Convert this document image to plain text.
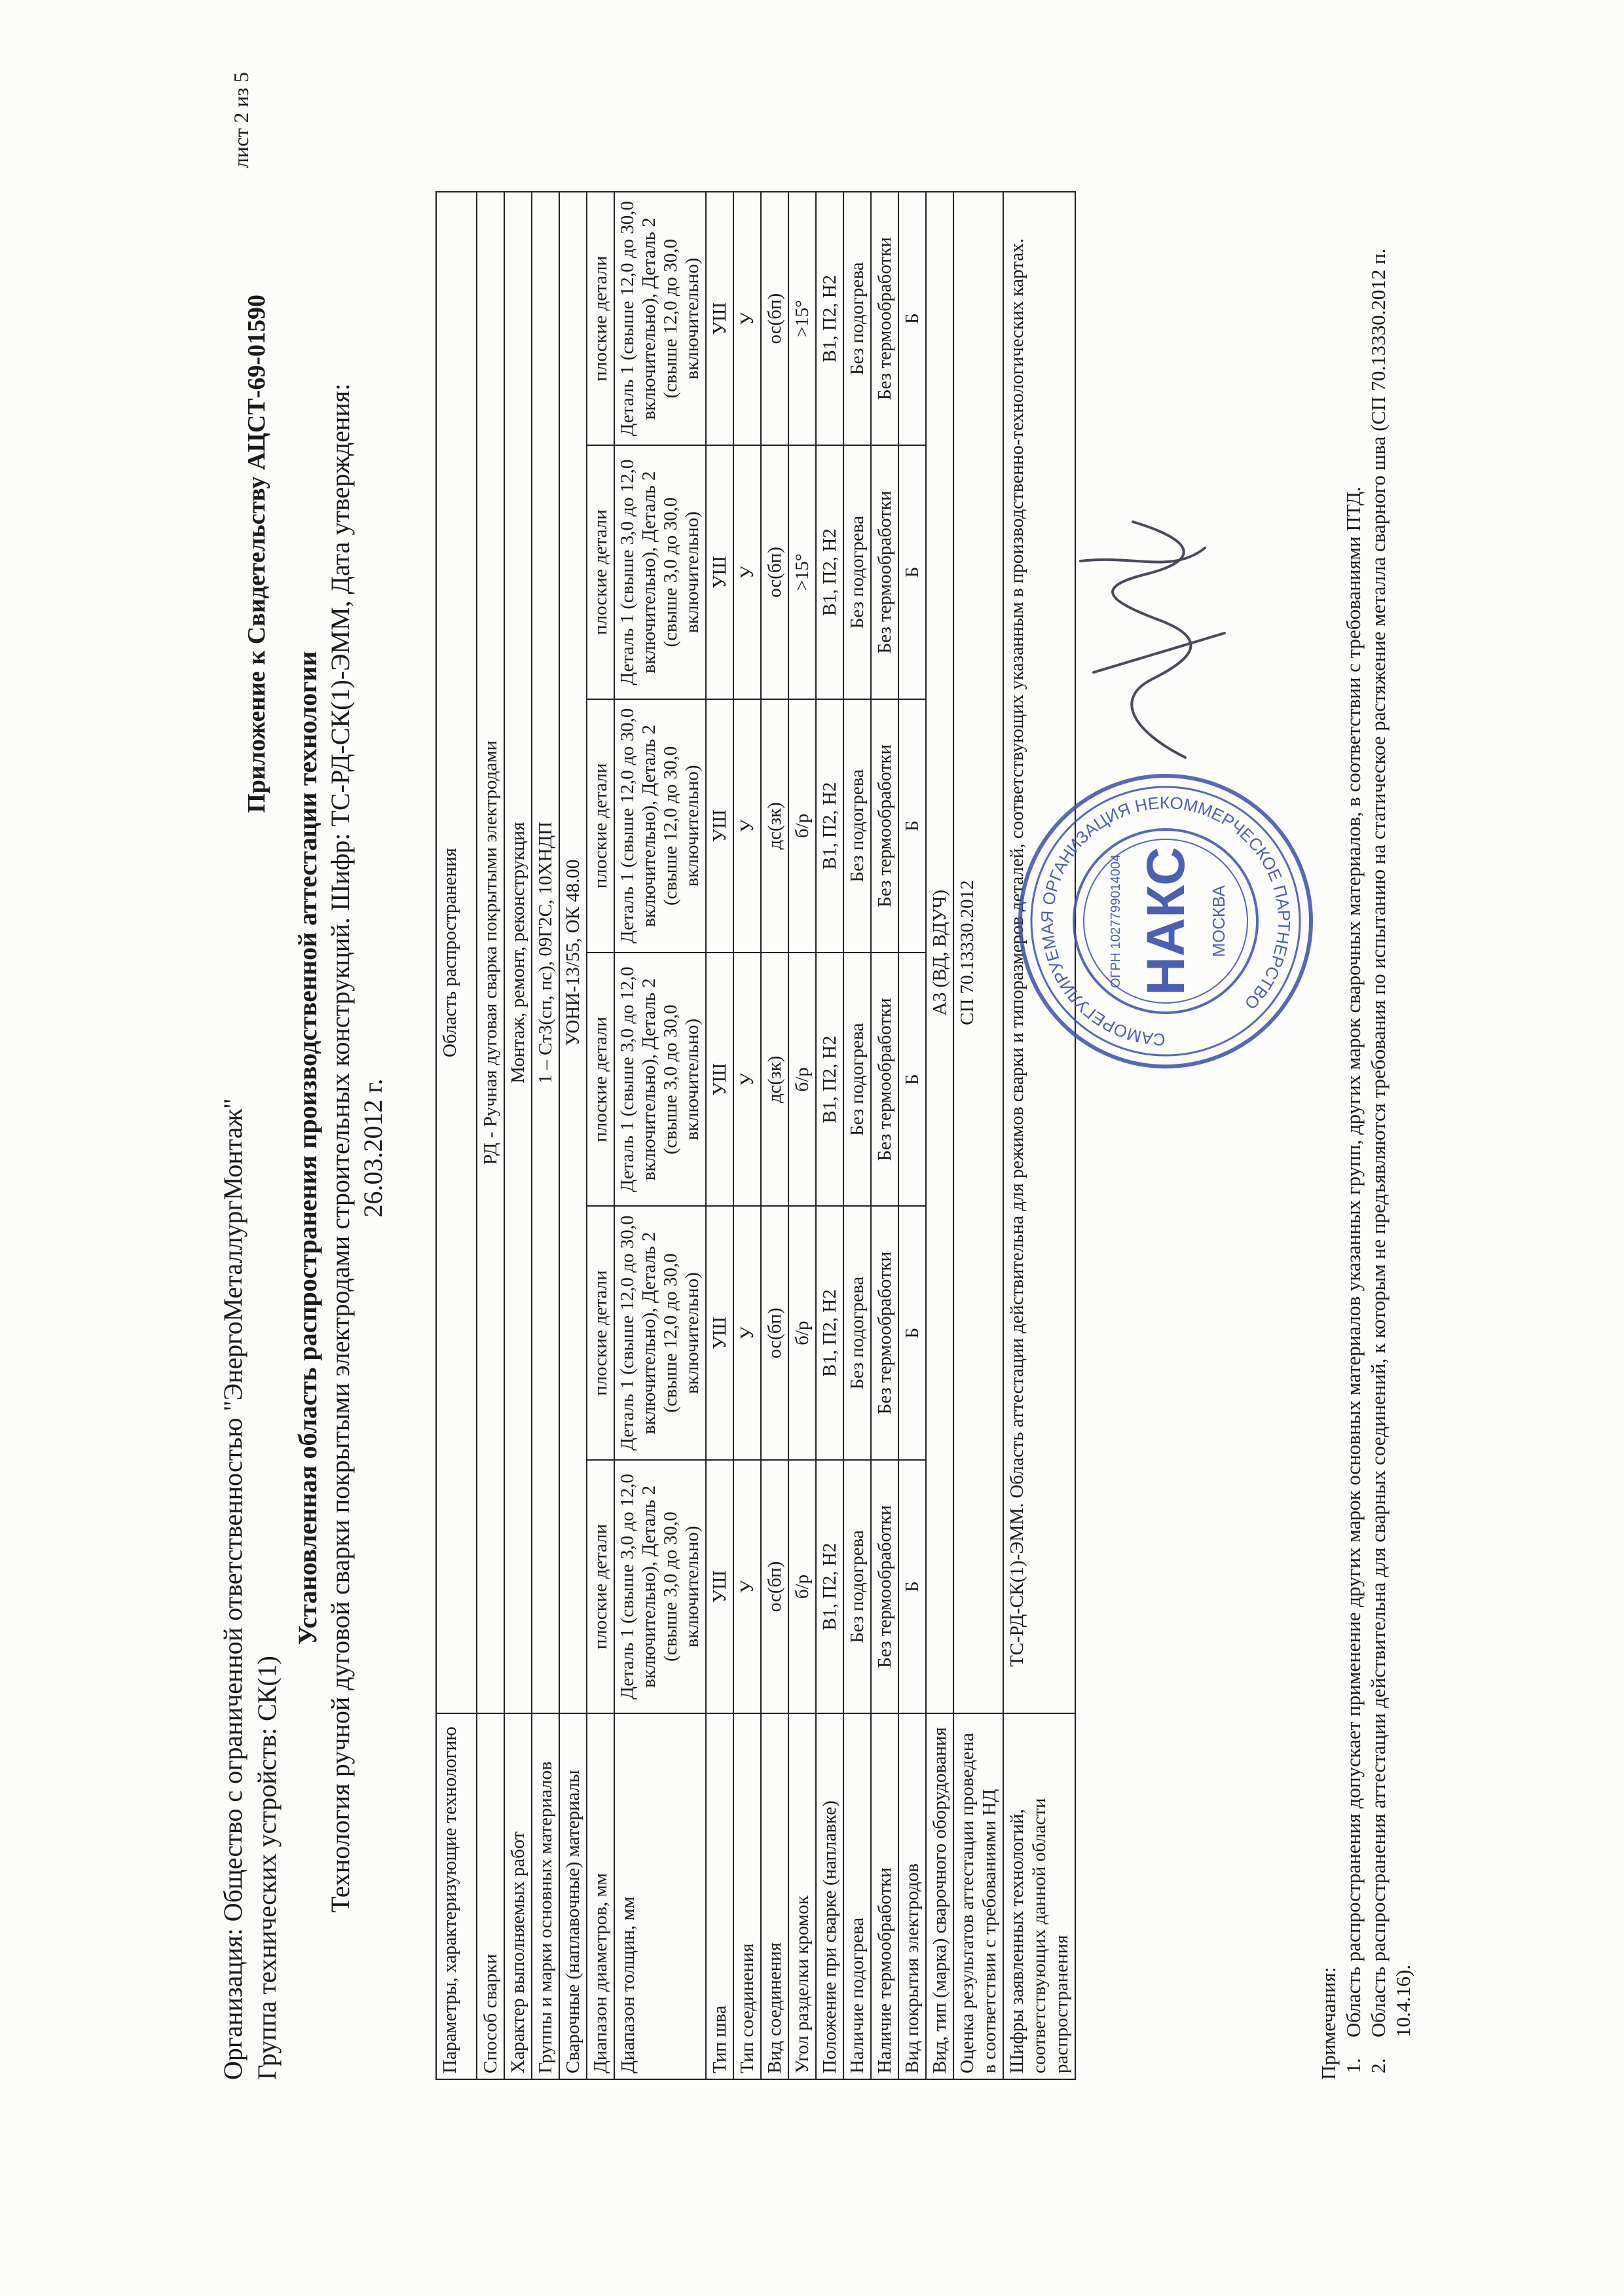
лист 2 из 5
Приложение к Свидетельству АЦСТ-69-01590
Организация: Общество с ограниченной ответственностью "ЭнергоМеталлургМонтаж" Группа технических устройств: СК(1)
Установленная область распространения производственной аттестации технологии Технология ручной дуговой сварки покрытыми электродами строительных конструкций. Шифр: ТС-РД-СК(1)-ЭММ, Дата утверждения: 26.03.2012 г.
Параметры, характеризующие технологию	Область распространения					
Способ сварки	РД - Ручная дуговая сварка покрытыми электродами					
Характер выполняемых работ	Монтаж, ремонт, реконструкция					
Группы и марки основных материалов	1 – Ст3(сп, пс), 09Г2С, 10ХНДП					
Сварочные (наплавочные) материалы	УОНИ-13/55, ОК 48.00					
Диапазон диаметров, мм	плоские детали	плоские детали	плоские детали	плоские детали	плоские детали	плоские детали
Диапазон толщин, мм	Деталь 1 (свыше 3,0 до 12,0 включительно), Деталь 2 (свыше 3,0 до 30,0 включительно)	Деталь 1 (свыше 12,0 до 30,0 включительно), Деталь 2 (свыше 12,0 до 30,0 включительно)	Деталь 1 (свыше 3,0 до 12,0 включительно), Деталь 2 (свыше 3,0 до 30,0 включительно)	Деталь 1 (свыше 12,0 до 30,0 включительно), Деталь 2 (свыше 12,0 до 30,0 включительно)	Деталь 1 (свыше 3,0 до 12,0 включительно), Деталь 2 (свыше 3,0 до 30,0 включительно)	Деталь 1 (свыше 12,0 до 30,0 включительно), Деталь 2 (свыше 12,0 до 30,0 включительно)
Тип шва	УШ	УШ	УШ	УШ	УШ	УШ
Тип соединения	У	У	У	У	У	У
Вид соединения	ос(бп)	ос(бп)	дс(зк)	дс(зк)	ос(бп)	ос(бп)
Угол разделки кромок	б/р	б/р	б/р	б/р	>15°	>15°
Положение при сварке (наплавке)	В1, П2, Н2	В1, П2, Н2	В1, П2, Н2	В1, П2, Н2	В1, П2, Н2	В1, П2, Н2
Наличие подогрева	Без подогрева	Без подогрева	Без подогрева	Без подогрева	Без подогрева	Без подогрева
Наличие термообработки	Без термообработки	Без термообработки	Без термообработки	Без термообработки	Без термообработки	Без термообработки
Вид покрытия электродов	Б	Б	Б	Б	Б	Б
Вид, тип (марка) сварочного оборудования	А3 (ВД, ВДУЧ)					
Оценка результатов аттестации проведена в соответствии с требованиями НД	СП 70.13330.2012					
Шифры заявленных технологий, соответствующих данной области распространения	ТС-РД-СК(1)-ЭММ. Область аттестации действительна для режимов сварки и типоразмеров деталей, соответствующих указанным в производственно-технологических картах.					
Примечания: 1.
Область распространения допускает применение других марок основных материалов указанных групп, других марок сварочных материалов, в соответствии с требованиями ПТД.
2.
Область распространения аттестации действительна для сварных соединений, к которым не предъявляются требования по испытанию на статическое растяжение металла сварного шва (СП 70.13330.2012 п. 10.4.16).
САМОРЕГУЛИРУЕМАЯ ОРГАНИЗАЦИЯ НЕКОММЕРЧЕСКОЕ ПАРТНЕРСТВО
НАКС МОСКВА
ОГРН 1027799014004
